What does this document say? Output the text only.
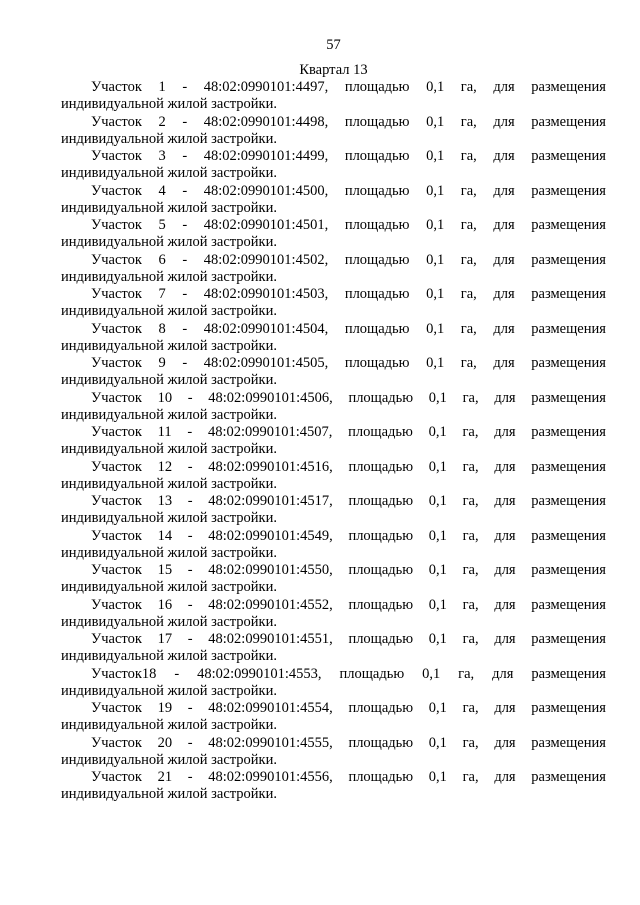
57
Квартал 13
Участок 1 - 48:02:0990101:4497, площадью 0,1 га, для размещения
индивидуальной жилой застройки.
Участок 2 - 48:02:0990101:4498, площадью 0,1 га, для размещения
индивидуальной жилой застройки.
Участок 3 - 48:02:0990101:4499, площадью 0,1 га, для размещения
индивидуальной жилой застройки.
Участок 4 - 48:02:0990101:4500, площадью 0,1 га, для размещения
индивидуальной жилой застройки.
Участок 5 - 48:02:0990101:4501, площадью 0,1 га, для размещения
индивидуальной жилой застройки.
Участок 6 - 48:02:0990101:4502, площадью 0,1 га, для размещения
индивидуальной жилой застройки.
Участок 7 - 48:02:0990101:4503, площадью 0,1 га, для размещения
индивидуальной жилой застройки.
Участок 8 - 48:02:0990101:4504, площадью 0,1 га, для размещения
индивидуальной жилой застройки.
Участок 9 - 48:02:0990101:4505, площадью 0,1 га, для размещения
индивидуальной жилой застройки.
Участок 10 - 48:02:0990101:4506, площадью 0,1 га, для размещения
индивидуальной жилой застройки.
Участок 11 - 48:02:0990101:4507, площадью 0,1 га, для размещения
индивидуальной жилой застройки.
Участок 12 - 48:02:0990101:4516, площадью 0,1 га, для размещения
индивидуальной жилой застройки.
Участок 13 - 48:02:0990101:4517, площадью 0,1 га, для размещения
индивидуальной жилой застройки.
Участок 14 - 48:02:0990101:4549, площадью 0,1 га, для размещения
индивидуальной жилой застройки.
Участок 15 - 48:02:0990101:4550, площадью 0,1 га, для размещения
индивидуальной жилой застройки.
Участок 16 - 48:02:0990101:4552, площадью 0,1 га, для размещения
индивидуальной жилой застройки.
Участок 17 - 48:02:0990101:4551, площадью 0,1 га, для размещения
индивидуальной жилой застройки.
Участок18 - 48:02:0990101:4553, площадью 0,1 га, для размещения
индивидуальной жилой застройки.
Участок 19 - 48:02:0990101:4554, площадью 0,1 га, для размещения
индивидуальной жилой застройки.
Участок 20 - 48:02:0990101:4555, площадью 0,1 га, для размещения
индивидуальной жилой застройки.
Участок 21 - 48:02:0990101:4556, площадью 0,1 га, для размещения
индивидуальной жилой застройки.
